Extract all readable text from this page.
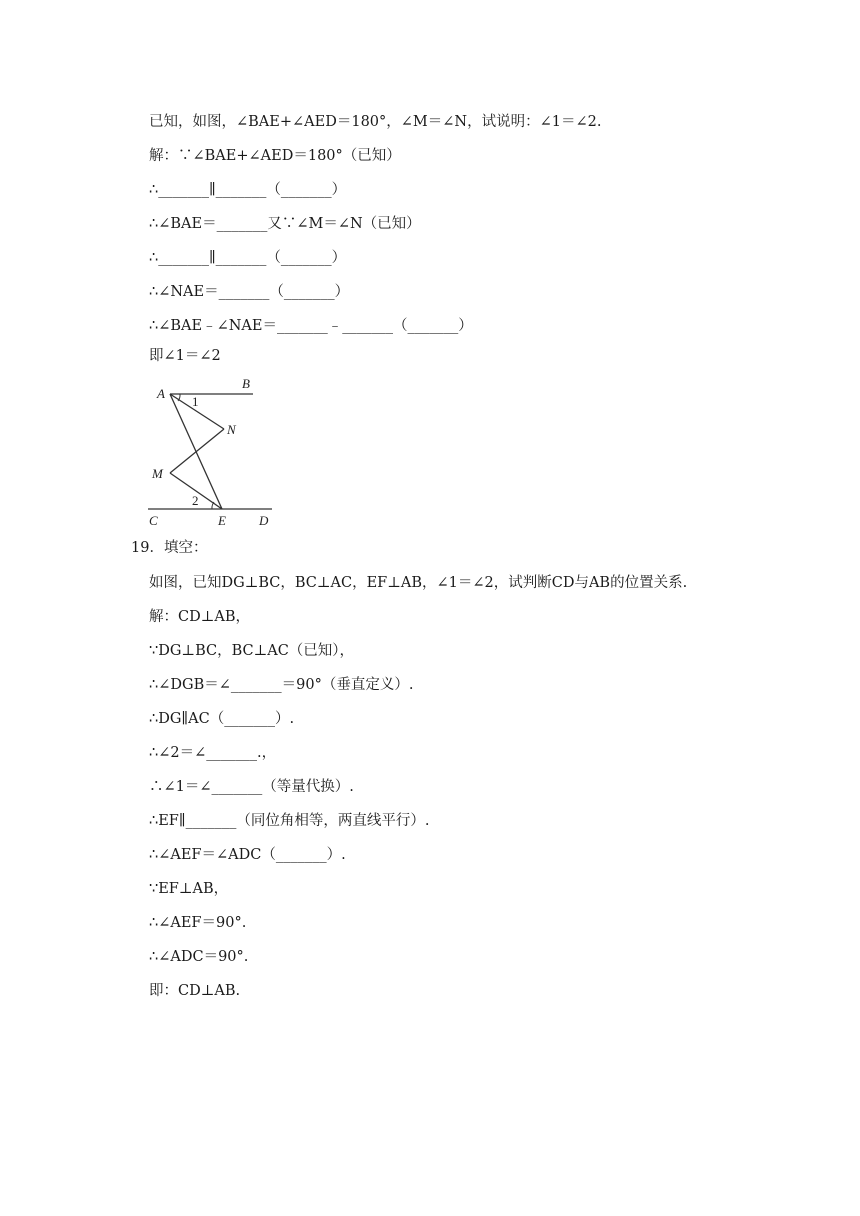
已知，如图，∠BAE+∠AED＝180°，∠M＝∠N，试说明：∠1＝∠2.
解：∵∠BAE+∠AED＝180°（已知）
∴_______∥_______（_______）
∴∠BAE＝_______又∵∠M＝∠N（已知）
∴_______∥_______（_______）
∴∠NAE＝_______（_______）
∴∠BAE﹣∠NAE＝_______﹣_______（_______）
即∠1＝∠2
A
B
N
M
C	E	D
1
2
19．填空：
如图，已知DG⊥BC，BC⊥AC，EF⊥AB，∠1＝∠2，试判断CD与AB的位置关系.
解：CD⊥AB，
∵DG⊥BC，BC⊥AC（已知），
∴∠DGB＝∠_______＝90°（垂直定义）.
∴DG∥AC（_______）.
∴∠2＝∠_______.，
∴∠1＝∠_______（等量代换）.
∴EF∥_______（同位角相等，两直线平行）.
∴∠AEF＝∠ADC（_______）.
∵EF⊥AB，
∴∠AEF＝90°.
∴∠ADC＝90°.
即：CD⊥AB.
